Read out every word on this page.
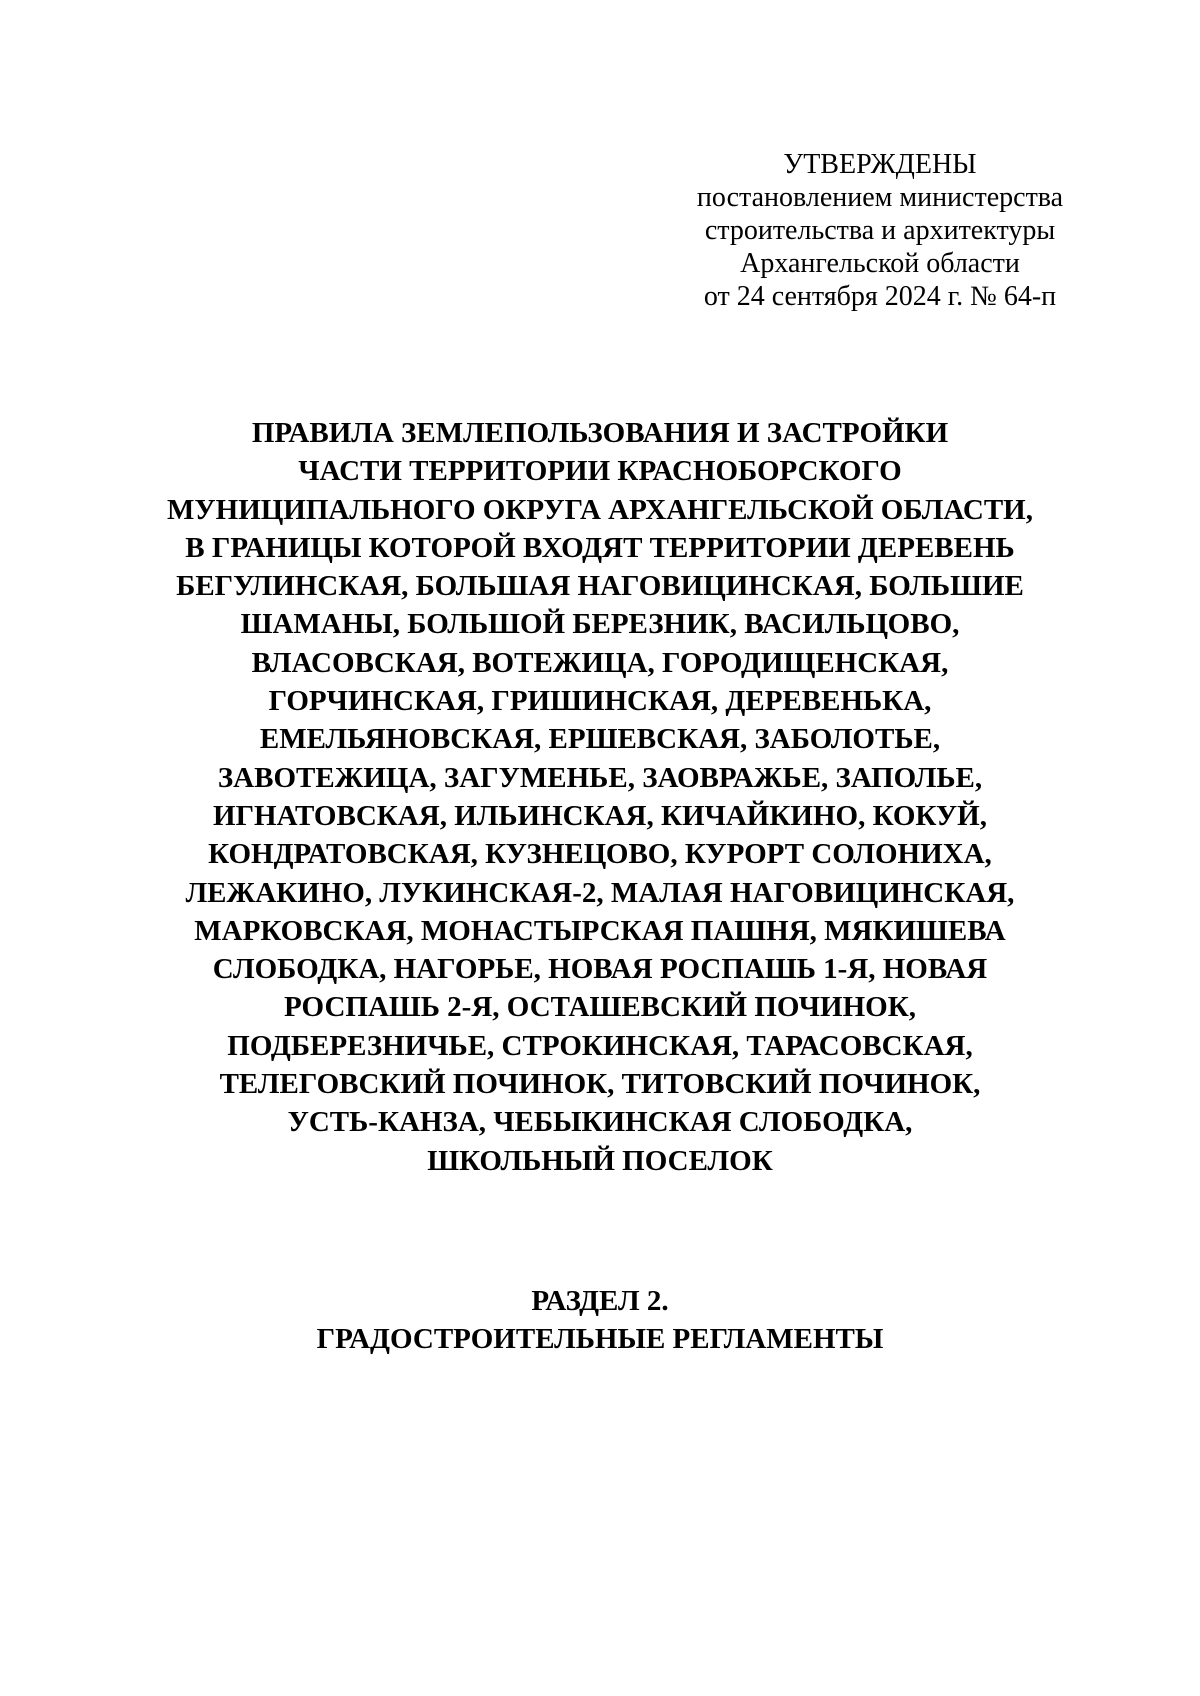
УТВЕРЖДЕНЫ
постановлением министерства
строительства и архитектуры
Архангельской области
от 24 сентября 2024 г. № 64-п
ПРАВИЛА ЗЕМЛЕПОЛЬЗОВАНИЯ И ЗАСТРОЙКИ
ЧАСТИ ТЕРРИТОРИИ КРАСНОБОРСКОГО
МУНИЦИПАЛЬНОГО ОКРУГА АРХАНГЕЛЬСКОЙ ОБЛАСТИ,
В ГРАНИЦЫ КОТОРОЙ ВХОДЯТ ТЕРРИТОРИИ ДЕРЕВЕНЬ
БЕГУЛИНСКАЯ, БОЛЬШАЯ НАГОВИЦИНСКАЯ, БОЛЬШИЕ
ШАМАНЫ, БОЛЬШОЙ БЕРЕЗНИК, ВАСИЛЬЦОВО,
ВЛАСОВСКАЯ, ВОТЕЖИЦА, ГОРОДИЩЕНСКАЯ,
ГОРЧИНСКАЯ, ГРИШИНСКАЯ, ДЕРЕВЕНЬКА,
ЕМЕЛЬЯНОВСКАЯ, ЕРШЕВСКАЯ, ЗАБОЛОТЬЕ,
ЗАВОТЕЖИЦА, ЗАГУМЕНЬЕ, ЗАОВРАЖЬЕ, ЗАПОЛЬЕ,
ИГНАТОВСКАЯ, ИЛЬИНСКАЯ, КИЧАЙКИНО, КОКУЙ,
КОНДРАТОВСКАЯ, КУЗНЕЦОВО, КУРОРТ СОЛОНИХА,
ЛЕЖАКИНО, ЛУКИНСКАЯ-2, МАЛАЯ НАГОВИЦИНСКАЯ,
МАРКОВСКАЯ, МОНАСТЫРСКАЯ ПАШНЯ, МЯКИШЕВА
СЛОБОДКА, НАГОРЬЕ, НОВАЯ РОСПАШЬ 1-Я, НОВАЯ
РОСПАШЬ 2-Я, ОСТАШЕВСКИЙ ПОЧИНОК,
ПОДБЕРЕЗНИЧЬЕ, СТРОКИНСКАЯ, ТАРАСОВСКАЯ,
ТЕЛЕГОВСКИЙ ПОЧИНОК, ТИТОВСКИЙ ПОЧИНОК,
УСТЬ-КАНЗА, ЧЕБЫКИНСКАЯ СЛОБОДКА,
ШКОЛЬНЫЙ ПОСЕЛОК
РАЗДЕЛ 2.
ГРАДОСТРОИТЕЛЬНЫЕ РЕГЛАМЕНТЫ
